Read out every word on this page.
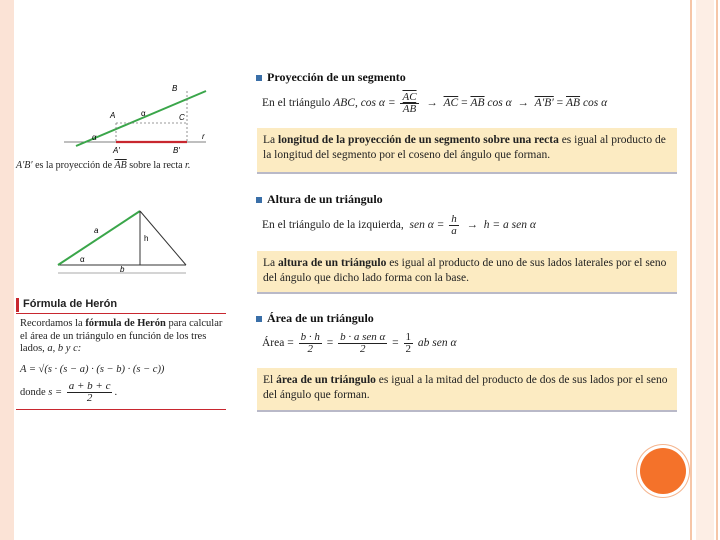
B
A	C
α
α
A′	B′
r
A′B′ es la proyección de $\overline{AB}$ sobre la recta r.
a
h
α
b
Fórmula de Herón
Recordamos la fórmula de Herón para calcular el área de un triángulo en función de los tres lados, a, b y c:
A = √(s · (s − a) · (s − b) · (s − c))
donde $s = \frac{a + b + c}{2}$ .
Proyección de un segmento
En el triángulo ABC, $\cos \alpha = \frac{\overline{AC}}{AB} \to \overline{AC} = \overline{AB}$ $\cos \alpha \to A'B' = \overline{AB}$ cos α
La longitud de la proyección de un segmento sobre una recta es igual al producto de la longitud del segmento por el coseno del ángulo que forman.
Altura de un triángulo
En el triángulo de la izquierda, sen $\alpha = \frac{h}{a} \to h = a$ sen α
La altura de un triángulo es igual al producto de uno de sus lados laterales por el seno del ángulo que dicho lado forma con la base.
Área de un triángulo
Área = $\frac{b \cdot h}{2} = \frac{\text{b · a sen α}}{2} = \frac{1}{2}$ ab sen α
El área de un triángulo es igual a la mitad del producto de dos de sus lados por el seno del ángulo que forman.
